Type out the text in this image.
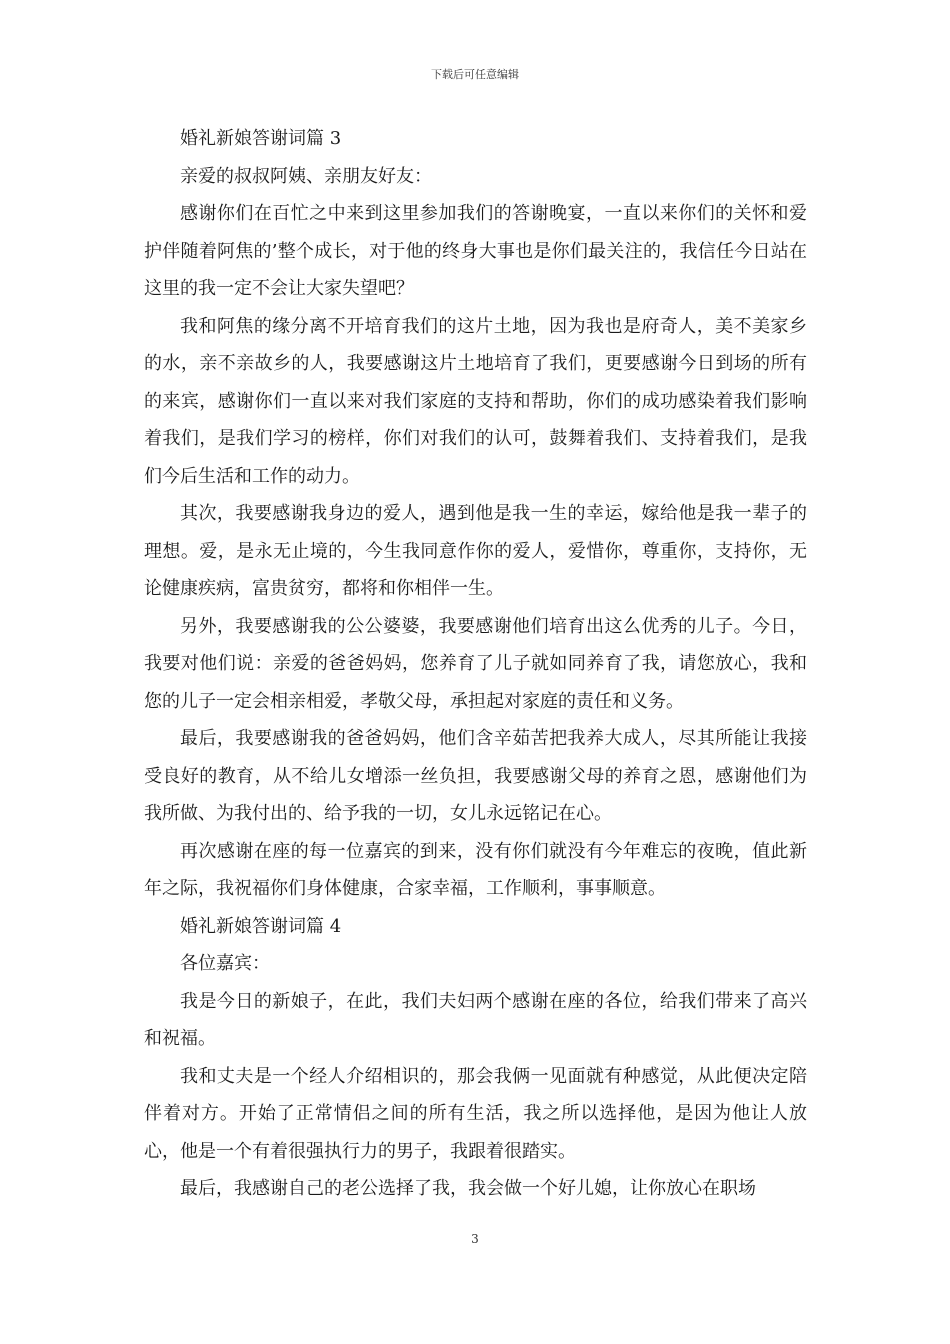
下载后可任意编辑

婚礼新娘答谢词篇 3

亲爱的叔叔阿姨、亲朋友好友：

感谢你们在百忙之中来到这里参加我们的答谢晚宴，一直以来你们的关怀和爱护伴随着阿焦的’整个成长，对于他的终身大事也是你们最关注的，我信任今日站在这里的我一定不会让大家失望吧？

我和阿焦的缘分离不开培育我们的这片土地，因为我也是府奇人，美不美家乡的水，亲不亲故乡的人，我要感谢这片土地培育了我们，更要感谢今日到场的所有的来宾，感谢你们一直以来对我们家庭的支持和帮助，你们的成功感染着我们影响着我们，是我们学习的榜样，你们对我们的认可，鼓舞着我们、支持着我们，是我们今后生活和工作的动力。

其次，我要感谢我身边的爱人，遇到他是我一生的幸运，嫁给他是我一辈子的理想。爱，是永无止境的，今生我同意作你的爱人，爱惜你，尊重你，支持你，无论健康疾病，富贵贫穷，都将和你相伴一生。

另外，我要感谢我的公公婆婆，我要感谢他们培育出这么优秀的儿子。今日，我要对他们说：亲爱的爸爸妈妈，您养育了儿子就如同养育了我，请您放心，我和您的儿子一定会相亲相爱，孝敬父母，承担起对家庭的责任和义务。

最后，我要感谢我的爸爸妈妈，他们含辛茹苦把我养大成人，尽其所能让我接受良好的教育，从不给儿女增添一丝负担，我要感谢父母的养育之恩，感谢他们为我所做、为我付出的、给予我的一切，女儿永远铭记在心。

再次感谢在座的每一位嘉宾的到来，没有你们就没有今年难忘的夜晚，值此新年之际，我祝福你们身体健康，合家幸福，工作顺利，事事顺意。

婚礼新娘答谢词篇 4

各位嘉宾：

我是今日的新娘子，在此，我们夫妇两个感谢在座的各位，给我们带来了高兴和祝福。

我和丈夫是一个经人介绍相识的，那会我俩一见面就有种感觉，从此便决定陪伴着对方。开始了正常情侣之间的所有生活，我之所以选择他，是因为他让人放心，他是一个有着很强执行力的男子，我跟着很踏实。

最后，我感谢自己的老公选择了我，我会做一个好儿媳，让你放心在职场

3
